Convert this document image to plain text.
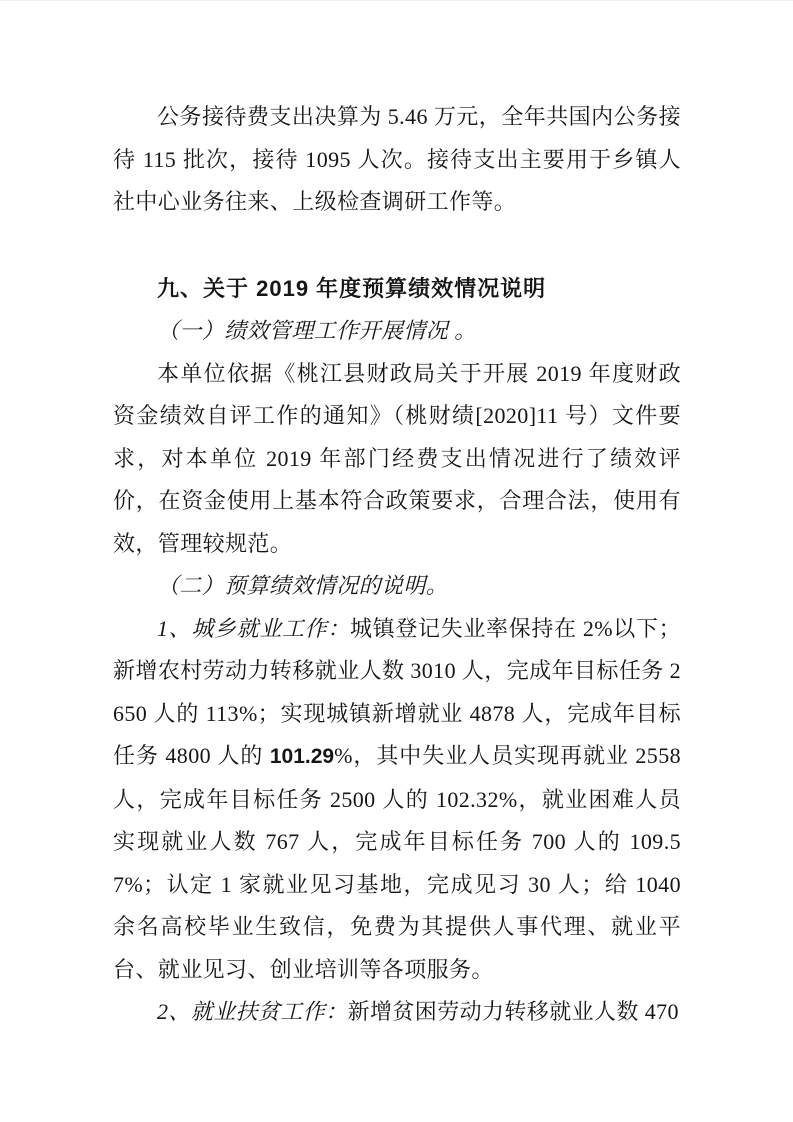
公务接待费支出决算为 5.46 万元，全年共国内公务接待 115 批次，接待 1095 人次。接待支出主要用于乡镇人社中心业务往来、上级检查调研工作等。

九、关于 2019 年度预算绩效情况说明

（一）绩效管理工作开展情况 。

本单位依据《桃江县财政局关于开展 2019 年度财政资金绩效自评工作的通知》（桃财绩[2020]11 号）文件要求，对本单位 2019 年部门经费支出情况进行了绩效评价，在资金使用上基本符合政策要求，合理合法，使用有效，管理较规范。

（二）预算绩效情况的说明。

1、城乡就业工作：城镇登记失业率保持在 2%以下；新增农村劳动力转移就业人数 3010 人，完成年目标任务 2650 人的 113%；实现城镇新增就业 4878 人，完成年目标任务 4800 人的 101.29%，其中失业人员实现再就业 2558 人，完成年目标任务 2500 人的 102.32%，就业困难人员实现就业人数 767 人，完成年目标任务 700 人的 109.57%；认定 1 家就业见习基地，完成见习 30 人；给 1040 余名高校毕业生致信，免费为其提供人事代理、就业平台、就业见习、创业培训等各项服务。

2、就业扶贫工作：新增贫困劳动力转移就业人数 470
